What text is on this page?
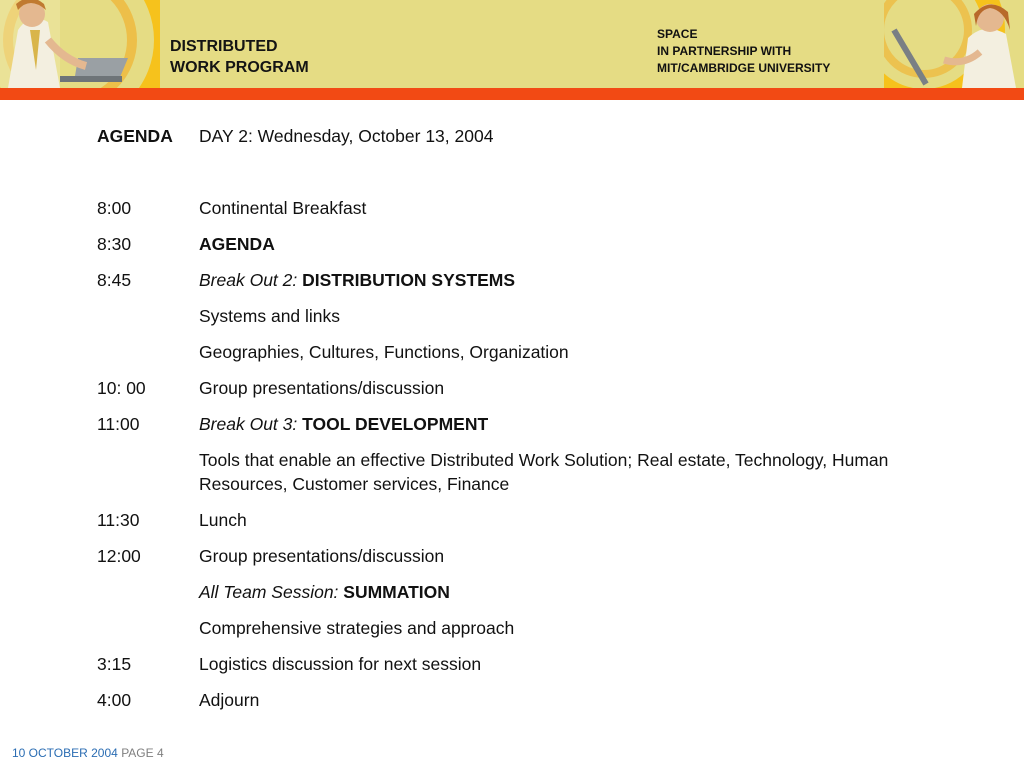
DISTRIBUTED
WORK PROGRAM
SPACE
IN PARTNERSHIP WITH
MIT/CAMBRIDGE UNIVERSITY
AGENDA	DAY 2: Wednesday, October 13, 2004
8:00	Continental Breakfast
8:30	AGENDA
8:45	Break Out 2: DISTRIBUTION SYSTEMS
Systems and links
Geographies, Cultures, Functions, Organization
10: 00	Group presentations/discussion
11:00	Break Out 3: TOOL DEVELOPMENT
Tools that enable an effective Distributed Work Solution; Real estate, Technology, Human Resources, Customer services, Finance
11:30	Lunch
12:00	Group presentations/discussion
All Team Session: SUMMATION
Comprehensive strategies and approach
3:15	Logistics discussion for next session
4:00	Adjourn
10 OCTOBER 2004 PAGE 4
